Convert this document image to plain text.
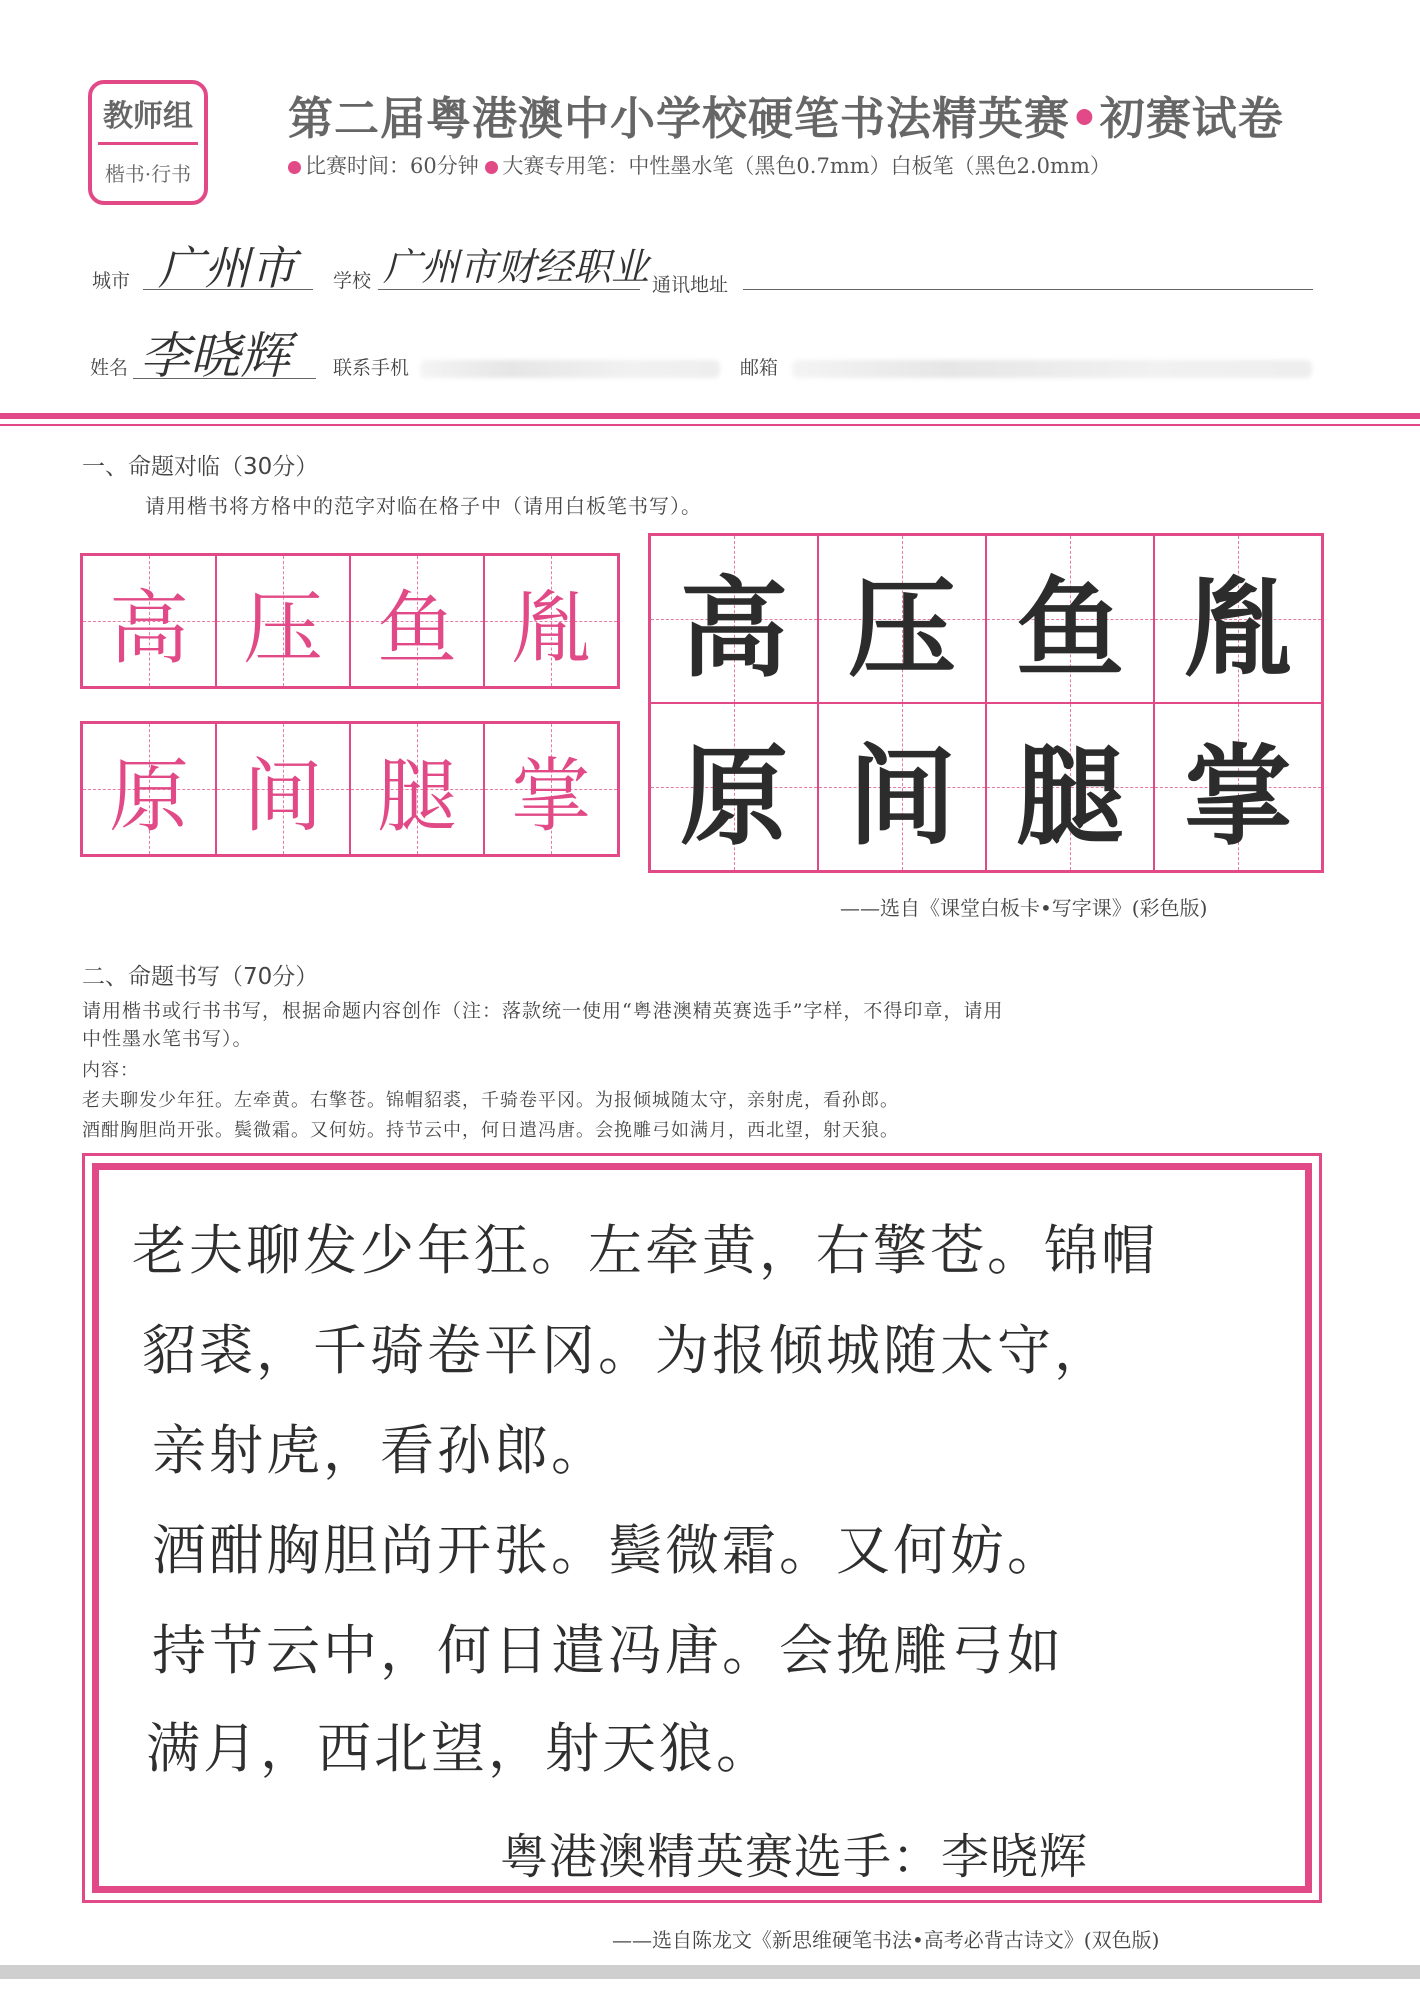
教师组
楷书·行书
第二届粤港澳中小学校硬笔书法精英赛•初赛试卷
比赛时间：60分钟 大赛专用笔：中性墨水笔（黑色0.7mm）白板笔（黑色2.0mm）
城市 广州市 学校 广州市财经职业 通讯地址
姓名 李晓辉 联系手机	邮箱
一、命题对临（30分）
请用楷书将方格中的范字对临在格子中（请用白板笔书写）。
高 压 鱼 胤
原 间 腿 掌
高 压 鱼 胤
原 间 腿 掌
——选自《课堂白板卡•写字课》(彩色版)
二、命题书写（70分）
请用楷书或行书书写，根据命题内容创作（注：落款统一使用“粤港澳精英赛选手”字样，不得印章，请用
中性墨水笔书写）。
内容：
老夫聊发少年狂。左牵黄。右擎苍。锦帽貂裘，千骑卷平冈。为报倾城随太守，亲射虎，看孙郎。
酒酣胸胆尚开张。鬓微霜。又何妨。持节云中，何日遣冯唐。会挽雕弓如满月，西北望，射天狼。
老夫聊发少年狂。左牵黄，右擎苍。锦帽
貂裘，千骑卷平冈。为报倾城随太守，
亲射虎，看孙郎。
酒酣胸胆尚开张。鬓微霜。又何妨。
持节云中，何日遣冯唐。会挽雕弓如
满月，西北望，射天狼。
粤港澳精英赛选手：李晓辉
——选自陈龙文《新思维硬笔书法•高考必背古诗文》(双色版)
